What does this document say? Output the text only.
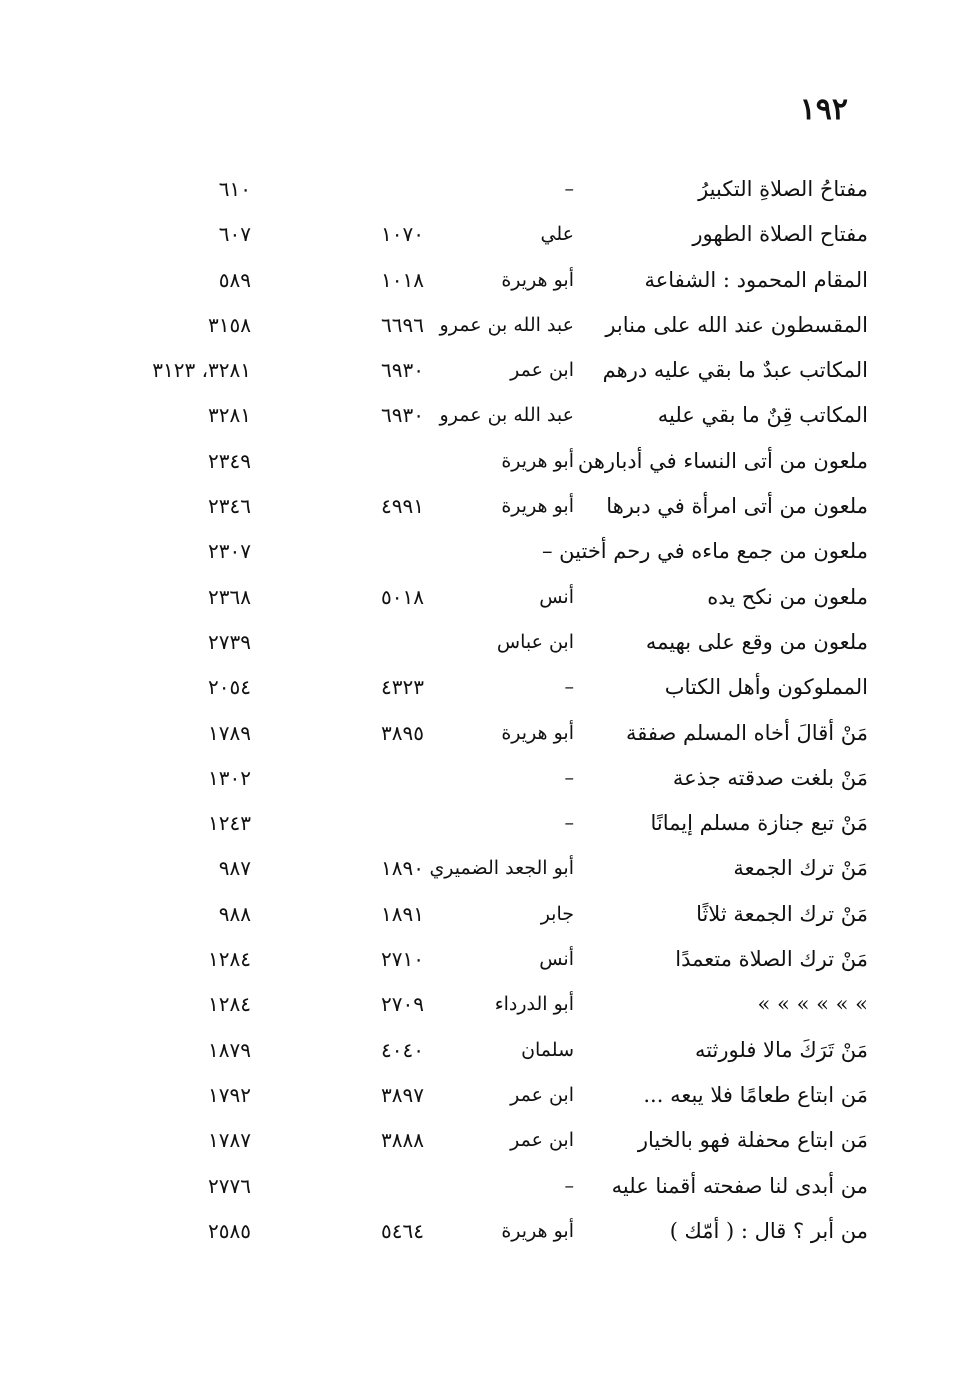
١٩٢
مفتاحُ الصلاةِ التكبيرُ
–
٦١٠
مفتاح الصلاة الطهور
علي
١٠٧٠
٦٠٧
المقام المحمود : الشفاعة
أبو هريرة
١٠١٨
٥٨٩
المقسطون عند الله على منابر
عبد الله بن عمرو
٦٦٩٦
٣١٥٨
المكاتب عبدٌ ما بقي عليه درهم
ابن عمر
٦٩٣٠
٣٢٨١، ٣١٢٣
المكاتب قِنٌ ما بقي عليه
عبد الله بن عمرو
٦٩٣٠
٣٢٨١
ملعون من أتى النساء في أدبارهن
أبو هريرة
٢٣٤٩
ملعون من أتى امرأة في دبرها
أبو هريرة
٤٩٩١
٢٣٤٦
ملعون من جمع ماءه في رحم أختين –
٢٣٠٧
ملعون من نكح يده
أنس
٥٠١٨
٢٣٦٨
ملعون من وقع على بهيمه
ابن عباس
٢٧٣٩
المملوكون وأهل الكتاب
–
٤٣٢٣
٢٠٥٤
مَنْ أقالَ أخاه المسلم صفقة
أبو هريرة
٣٨٩٥
١٧٨٩
مَنْ بلغت صدقته جذعة
–
١٣٠٢
مَنْ تبع جنازة مسلم إيمانًا
–
١٢٤٣
مَنْ ترك الجمعة
أبو الجعد الضميري
١٨٩٠
٩٨٧
مَنْ ترك الجمعة ثلاثًا
جابر
١٨٩١
٩٨٨
مَنْ ترك الصلاة متعمدًا
أنس
٢٧١٠
١٢٨٤
» » » » » »
أبو الدرداء
٢٧٠٩
١٢٨٤
مَنْ تَرَكَ مالا فلورثته
سلمان
٤٠٤٠
١٨٧٩
مَن ابتاع طعامًا فلا يبعه ...
ابن عمر
٣٨٩٧
١٧٩٢
مَن ابتاع محفلة فهو بالخيار
ابن عمر
٣٨٨٨
١٧٨٧
من أبدى لنا صفحته أقمنا عليه
–
٢٧٧٦
من أبر ؟ قال : ( أمّك )
أبو هريرة
٥٤٦٤
٢٥٨٥
